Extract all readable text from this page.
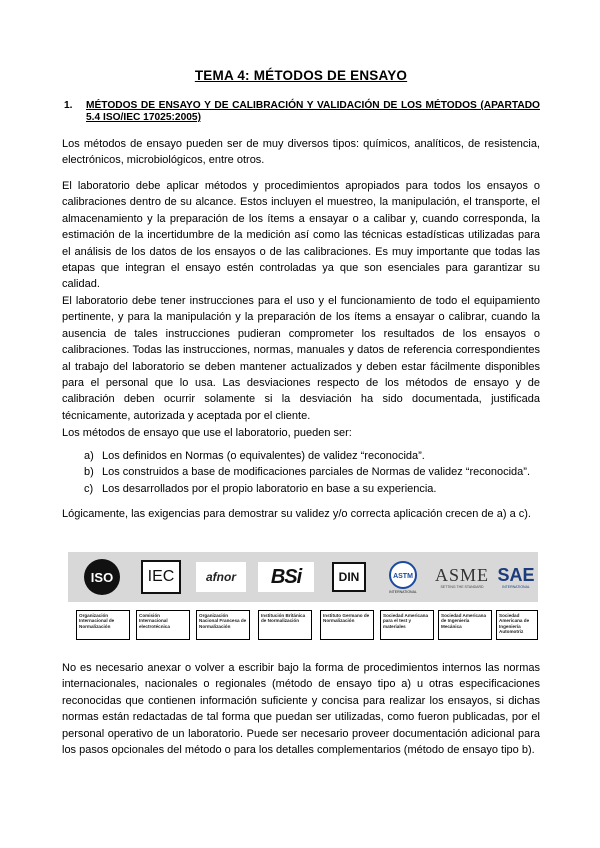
TEMA 4: MÉTODOS DE ENSAYO
1. MÉTODOS DE ENSAYO Y DE CALIBRACIÓN Y VALIDACIÓN DE LOS MÉTODOS (APARTADO 5.4 ISO/IEC 17025:2005)

Los métodos de ensayo pueden ser de muy diversos tipos: químicos, analíticos, de resistencia, electrónicos, microbiológicos, entre otros.

El laboratorio debe aplicar métodos y procedimientos apropiados para todos los ensayos o calibraciones dentro de su alcance. Estos incluyen el muestreo, la manipulación, el transporte, el almacenamiento y la preparación de los ítems a ensayar o a calibar y, cuando corresponda, la estimación de la incertidumbre de la medición así como las técnicas estadísticas utilizadas para el análisis de los datos de los ensayos o de las calibraciones. Es muy importante que todas las etapas que integran el ensayo estén controladas ya que son esenciales para garantizar su calidad.

El laboratorio debe tener instrucciones para el uso y el funcionamiento de todo el equipamiento pertinente, y para la manipulación y la preparación de los ítems a ensayar o calibrar, cuando la ausencia de tales instrucciones pudieran comprometer los resultados de los ensayos o calibraciones. Todas las instrucciones, normas, manuales y datos de referencia correspondientes al trabajo del laboratorio se deben mantener actualizados y deben estar fácilmente disponibles para el personal que lo usa. Las desviaciones respecto de los métodos de ensayo y de calibración deben ocurrir solamente si la desviación ha sido documentada, justificada técnicamente, autorizada y aceptada por el cliente.

Los métodos de ensayo que use el laboratorio, pueden ser:

a) Los definidos en Normas (o equivalentes) de validez “reconocida”.
b) Los construidos a base de modificaciones parciales de Normas de validez “reconocida”.
c) Los desarrollados por el propio laboratorio en base a su experiencia.

Lógicamente, las exigencias para demostrar su validez y/o correcta aplicación crecen de a) a c).

ISO	IEC	afnor	BSi	DIN	ASTM
INTERNATIONAL
ASME
SETTING THE STANDARD
SAE
INTERNATIONAL
Organización Internacional de Normalización
Comisión Internacional electrotécnica
Organización Nacional Francesa de Normalización
Institución Británica de Normalización
Instituto Germano de Normalización
Sociedad Americana para el test y materiales
Sociedad Americana de Ingeniería Mecánica
Sociedad Americana de Ingeniería Automotriz

No es necesario anexar o volver a escribir bajo la forma de procedimientos internos las normas internacionales, nacionales o regionales (método de ensayo tipo a) u otras especificaciones reconocidas que contienen información suficiente y concisa para realizar los ensayos, si dichas normas están redactadas de tal forma que puedan ser utilizadas, como fueron publicadas, por el personal operativo de un laboratorio. Puede ser necesario proveer documentación adicional para los pasos opcionales del método o para los detalles complementarios (método de ensayo tipo b).
